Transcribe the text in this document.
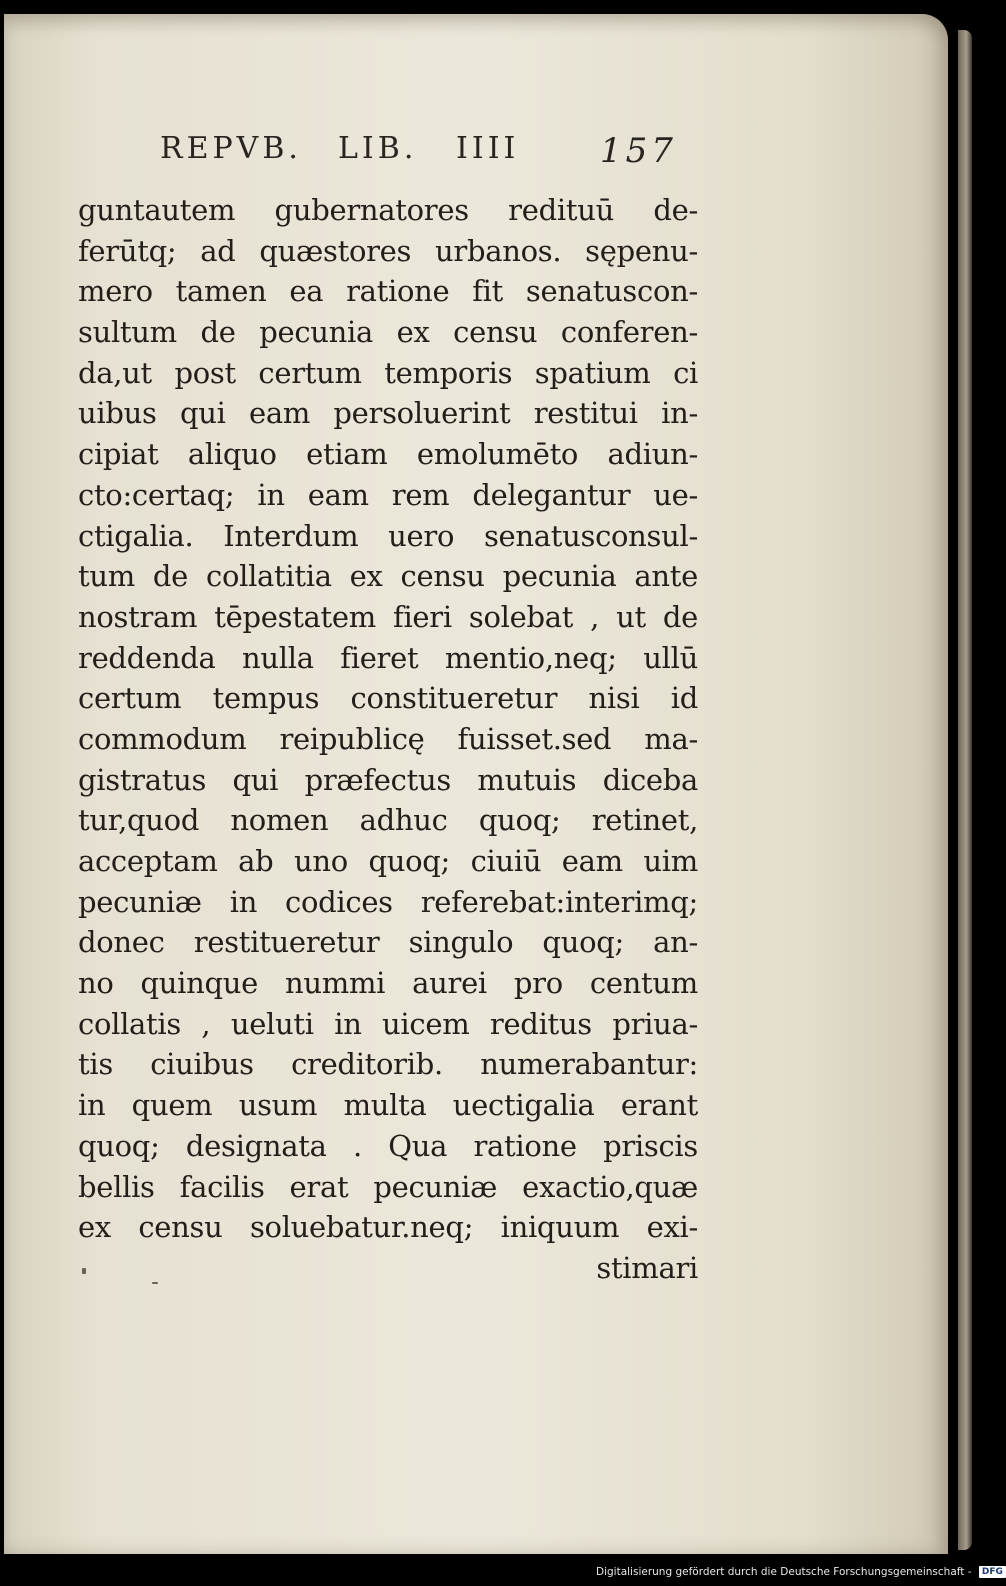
REPVB. LIB. IIII 157
guntautem gubernatores redituū de-
ferūtq; ad quæstores urbanos. sępenu-
mero tamen ea ratione fit senatuscon-
sultum de pecunia ex censu conferen-
da,ut post certum temporis spatium ci
uibus qui eam persoluerint restitui in-
cipiat aliquo etiam emolumēto adiun-
cto:certaq; in eam rem delegantur ue-
ctigalia. Interdum uero senatusconsul-
tum de collatitia ex censu pecunia ante
nostram tēpestatem fieri solebat , ut de
reddenda nulla fieret mentio,neq; ullū
certum tempus constitueretur nisi id
commodum reipublicę fuisset.sed ma-
gistratus qui præfectus mutuis diceba
tur,quod nomen adhuc quoq; retinet,
acceptam ab uno quoq; ciuiū eam uim
pecuniæ in codices referebat:interimq;
donec restitueretur singulo quoq; an-
no quinque nummi aurei pro centum
collatis , ueluti in uicem reditus priua-
tis ciuibus creditorib. numerabantur:
in quem usum multa uectigalia erant
quoq; designata . Qua ratione priscis
bellis facilis erat pecuniæ exactio,quæ
ex censu soluebatur.neq; iniquum exi-
stimari
Digitalisierung gefördert durch die Deutsche Forschungsgemeinschaft - DFG
